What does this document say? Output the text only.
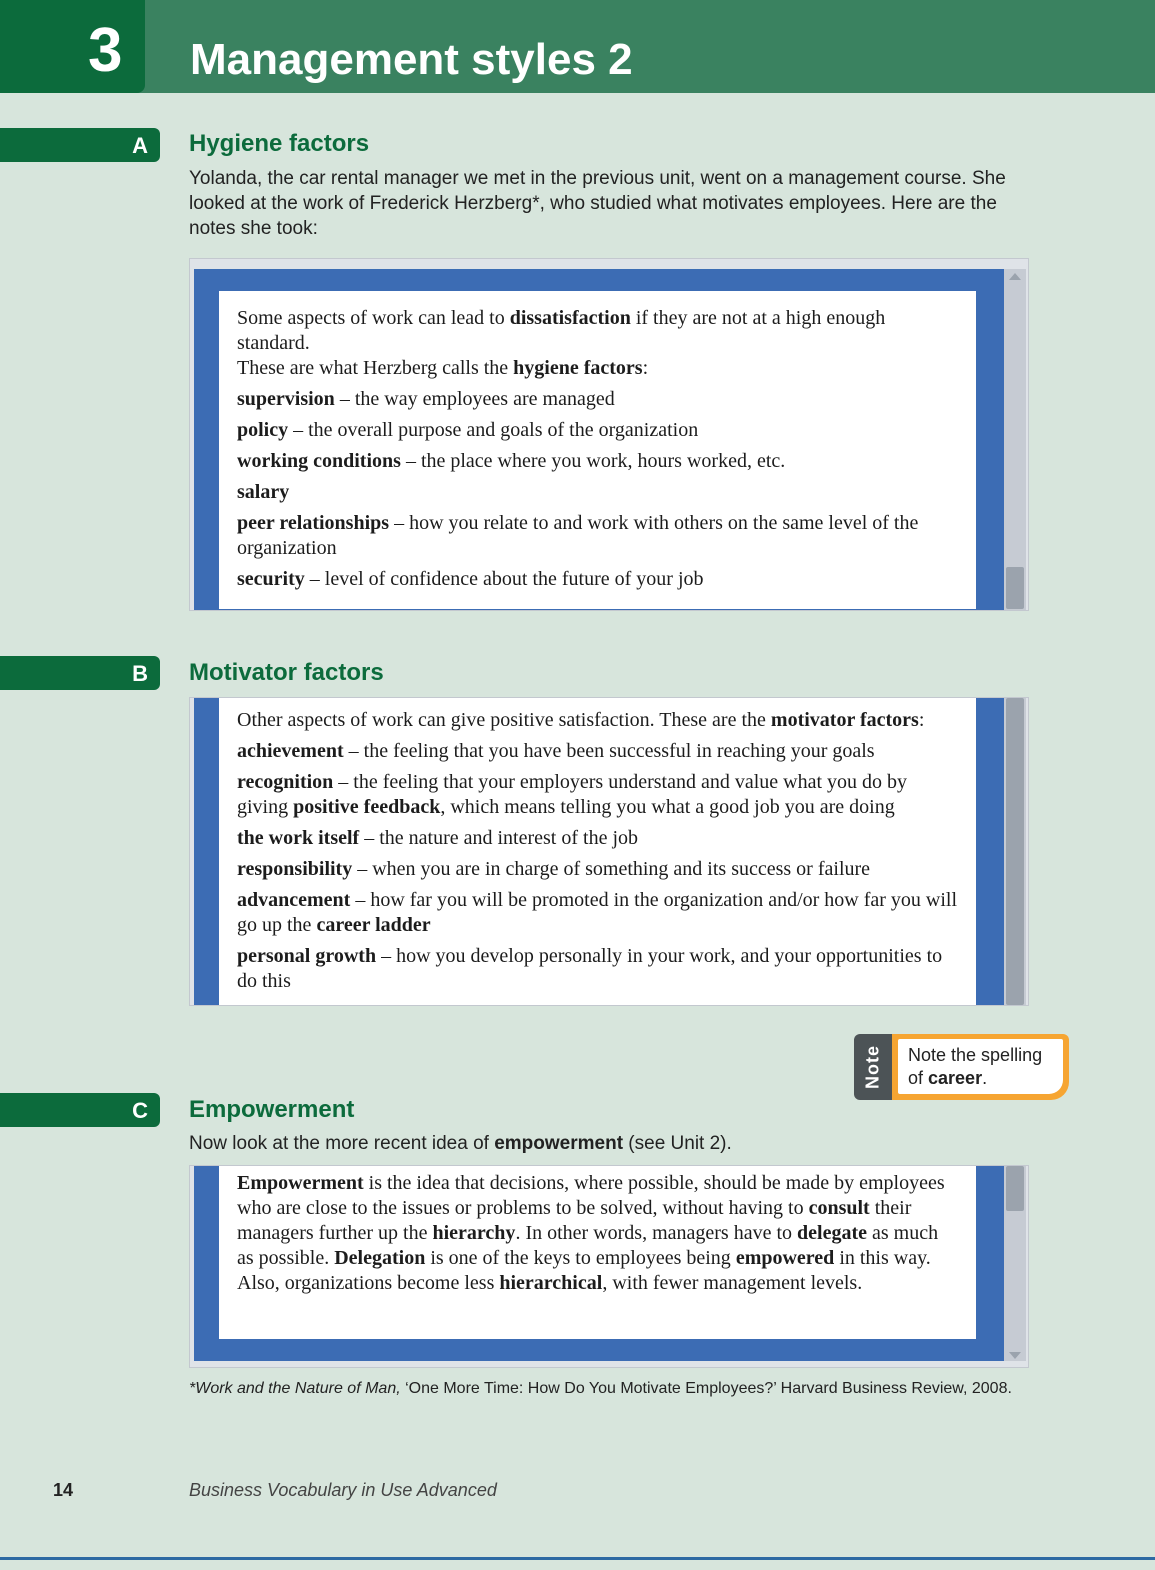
3 Management styles 2
A Hygiene factors
Yolanda, the car rental manager we met in the previous unit, went on a management course. She looked at the work of Frederick Herzberg*, who studied what motivates employees. Here are the notes she took:

Some aspects of work can lead to dissatisfaction if they are not at a high enough standard.

These are what Herzberg calls the hygiene factors:

supervision – the way employees are managed

policy – the overall purpose and goals of the organization

working conditions – the place where you work, hours worked, etc.

salary

peer relationships – how you relate to and work with others on the same level of the organization

security – level of confidence about the future of your job

B Motivator factors

Other aspects of work can give positive satisfaction. These are the motivator factors:

achievement – the feeling that you have been successful in reaching your goals

recognition – the feeling that your employers understand and value what you do by giving positive feedback, which means telling you what a good job you are doing

the work itself – the nature and interest of the job

responsibility – when you are in charge of something and its success or failure

advancement – how far you will be promoted in the organization and/or how far you will go up the career ladder

personal growth – how you develop personally in your work, and your opportunities to do this

Note Note the spelling
of career.
C Empowerment
Now look at the more recent idea of empowerment (see Unit 2).

Empowerment is the idea that decisions, where possible, should be made by employees who are close to the issues or problems to be solved, without having to consult their managers further up the hierarchy. In other words, managers have to delegate as much as possible. Delegation is one of the keys to employees being empowered in this way. Also, organizations become less hierarchical, with fewer management levels.

*Work and the Nature of Man, ‘One More Time: How Do You Motivate Employees?’ Harvard Business Review, 2008.
14	Business Vocabulary in Use Advanced
